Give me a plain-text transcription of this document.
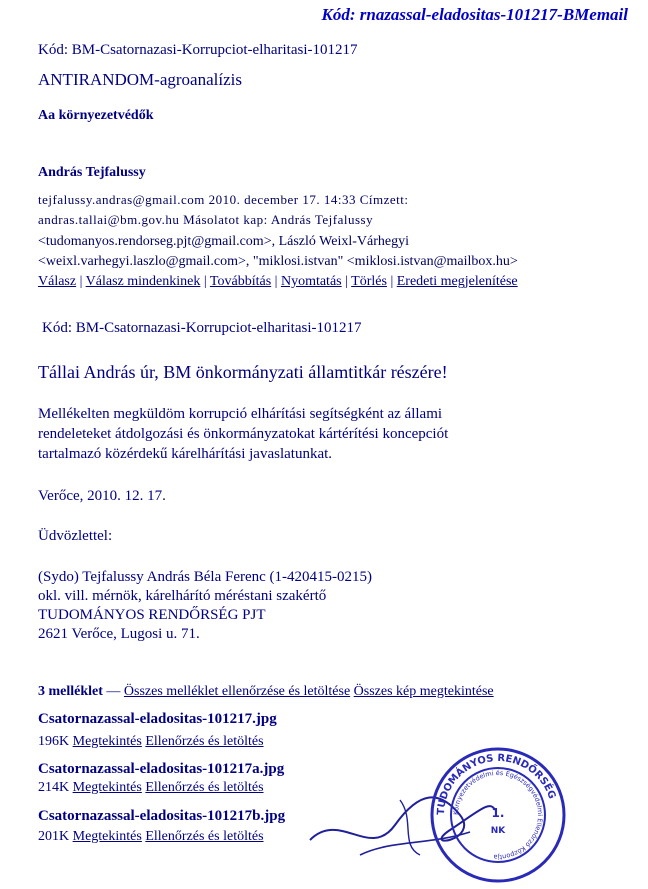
Kód: rnazassal-eladositas-101217-BMemail
Kód: BM-Csatornazasi-Korrupciot-elharitasi-101217
ANTIRANDOM-agroanalízis
Aa környezetvédők
András Tejfalussy
tejfalussy.andras@gmail.com 2010. december 17. 14:33 Címzett:
andras.tallai@bm.gov.hu Másolatot kap: András Tejfalussy
<tudomanyos.rendorseg.pjt@gmail.com>, László Weixl-Várhegyi
<weixl.varhegyi.laszlo@gmail.com>, "miklosi.istvan" <miklosi.istvan@mailbox.hu>
Válasz | Válasz mindenkinek | Továbbítás | Nyomtatás | Törlés | Eredeti megjelenítése
Kód: BM-Csatornazasi-Korrupciot-elharitasi-101217
Tállai András úr, BM önkormányzati államtitkár részére!
Mellékelten megküldöm korrupció elhárítási segítségként az állami
rendeleteket átdolgozási és önkormányzatokat kártérítési koncepciót
tartalmazó közérdekű kárelhárítási javaslatunkat.
Verőce, 2010. 12. 17.
Üdvözlettel:
(Sydo) Tejfalussy András Béla Ferenc (1-420415-0215)
okl. vill. mérnök, kárelhárító méréstani szakértő
TUDOMÁNYOS RENDŐRSÉG PJT
2621 Verőce, Lugosi u. 71.
3 melléklet — Összes melléklet ellenőrzése és letöltése Összes kép megtekintése
Csatornazassal-eladositas-101217.jpg
196K Megtekintés Ellenőrzés és letöltés
Csatornazassal-eladositas-101217a.jpg
214K Megtekintés Ellenőrzés és letöltés
Csatornazassal-eladositas-101217b.jpg
201K Megtekintés Ellenőrzés és letöltés
TUDOMÁNYOS RENDŐRSÉG
Környezetvédelmi és Egészségvédelmi Ellenőrző Központja
1.
NK
